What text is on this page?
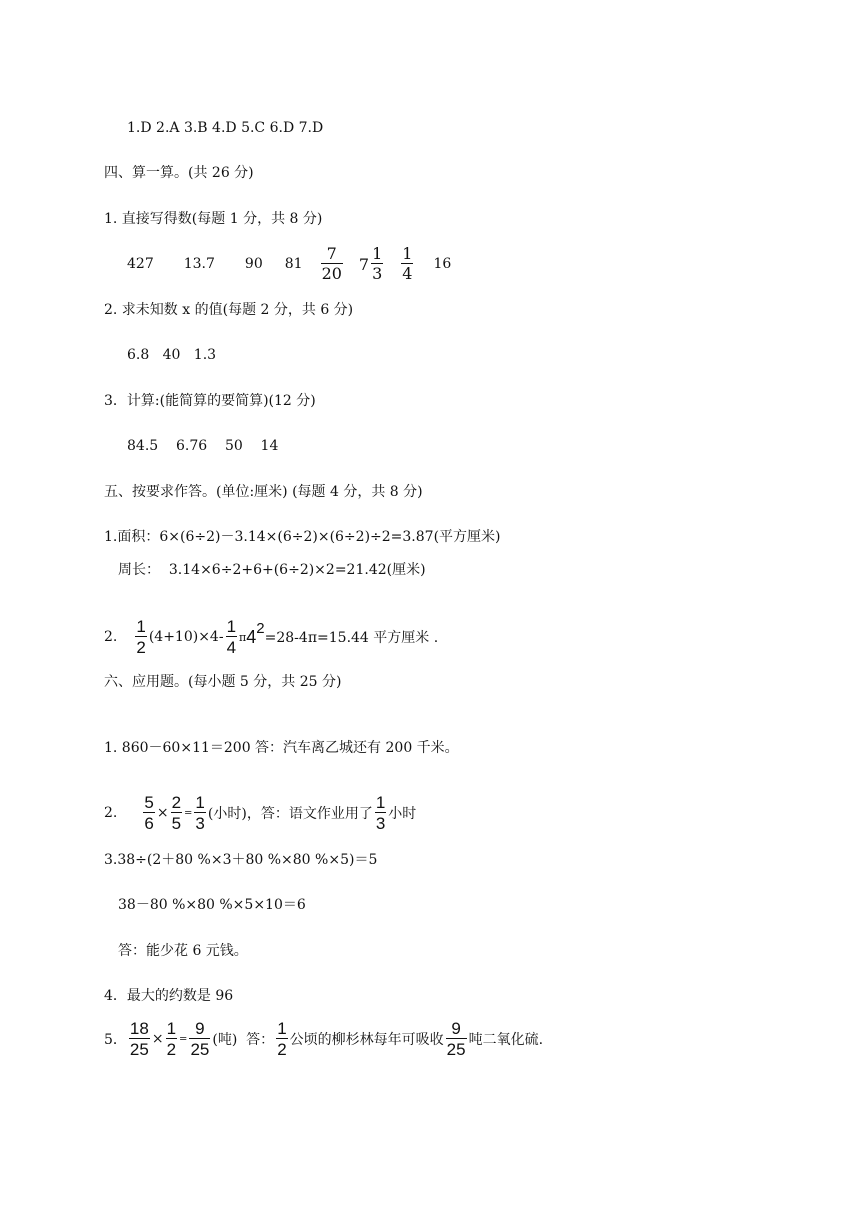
1.D 2.A 3.B 4.D 5.C 6.D 7.D
四、算一算。(共 26 分)
1. 直接写得数(每题 1 分，共 8 分)
427 13.7 90 $81 \frac{7}{20} 7 \frac{1}{3} \frac{1}{4} 16$
2. 求未知数 x 的值(每题 2 分，共 6 分)
6.8   40   1.3
3．计算:(能简算的要简算)(12 分)
84.5    6.76    50    14
五、按要求作答。(单位:厘米) (每题 4 分，共 8 分)
1.面积：6×(6÷2)－3.14×(6÷2)×(6÷2)÷2=3.87(平方厘米)
周长：  3.14×6÷2+6+(6÷2)×2=21.42(厘米)
2. $\frac{1}{2} (4+10)\times 4- \frac{1}{4}$ π 4 2
=28-4π=15.44 平方厘米 .
六、应用题。(每小题 5 分，共 25 分)
1. 860－60×11＝200 答：汽车离乙城还有 200 千米。
2. $\frac{5}{6} \times \frac{2}{5} = \frac{1}{3}$ (小时)，答：语文作业用了 $\frac{1}{3}$ 小时
3.38÷(2＋80 %×3＋80 %×80 %×5)＝5
38－80 %×80 %×5×10＝6
答：能少花 6 元钱。
4．最大的约数是 96
5． $\frac{18}{25} \times \frac{1}{2} = \frac{9}{25}$ (吨)  答： $\frac{1}{2}$ 公顷的柳杉林每年可吸收 $\frac{9}{25}$ 吨二氧化硫.
